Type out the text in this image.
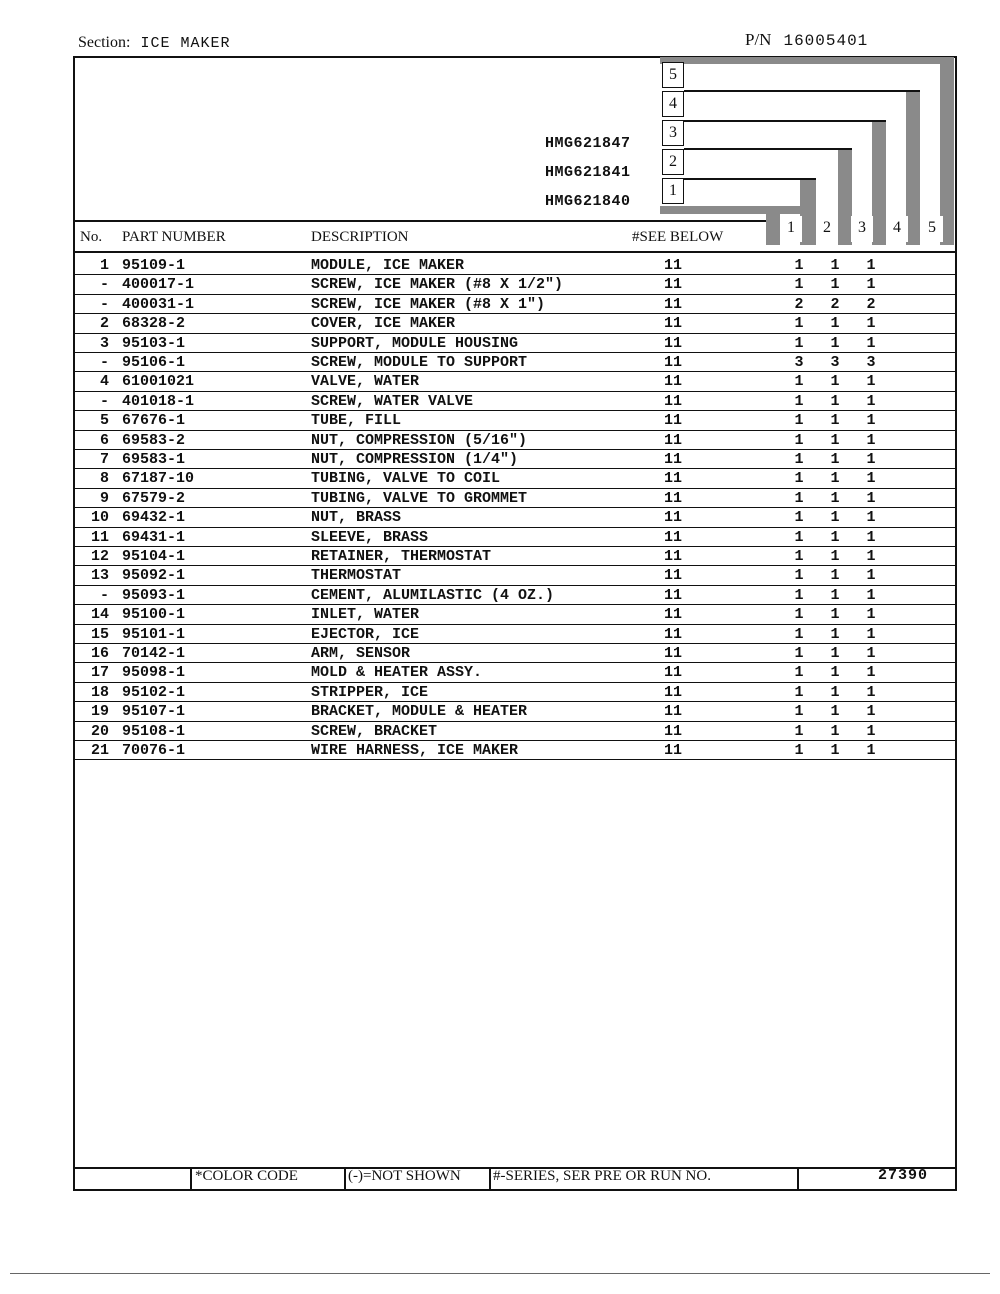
Section: ICE MAKER	P/N 16005401
5
4
3
2
1
HMG621847
HMG621841
HMG621840
1	2	3	4	5
No. PART NUMBER	DESCRIPTION	#SEE BELOW
1 95109-1	MODULE, ICE MAKER	11	1 1 1
- 400017-1	SCREW, ICE MAKER (#8 X 1/2")	11	1 1 1
- 400031-1	SCREW, ICE MAKER (#8 X 1")	11	2 2 2
2 68328-2	COVER, ICE MAKER	11	1 1 1
3 95103-1	SUPPORT, MODULE HOUSING	11	1 1 1
- 95106-1	SCREW, MODULE TO SUPPORT	11	3 3 3
4 61001021	VALVE, WATER	11	1 1 1
- 401018-1	SCREW, WATER VALVE	11	1 1 1
5 67676-1	TUBE, FILL	11	1 1 1
6 69583-2	NUT, COMPRESSION (5/16")	11	1 1 1
7 69583-1	NUT, COMPRESSION (1/4")	11	1 1 1
8 67187-10	TUBING, VALVE TO COIL	11	1 1 1
9 67579-2	TUBING, VALVE TO GROMMET	11	1 1 1
10 69432-1	NUT, BRASS	11	1 1 1
11 69431-1	SLEEVE, BRASS	11	1 1 1
12 95104-1	RETAINER, THERMOSTAT	11	1 1 1
13 95092-1	THERMOSTAT	11	1 1 1
- 95093-1	CEMENT, ALUMILASTIC (4 OZ.)	11	1 1 1
14 95100-1	INLET, WATER	11	1 1 1
15 95101-1	EJECTOR, ICE	11	1 1 1
16 70142-1	ARM, SENSOR	11	1 1 1
17 95098-1	MOLD & HEATER ASSY.	11	1 1 1
18 95102-1	STRIPPER, ICE	11	1 1 1
19 95107-1	BRACKET, MODULE & HEATER	11	1 1 1
20 95108-1	SCREW, BRACKET	11	1 1 1
21 70076-1	WIRE HARNESS, ICE MAKER	11	1 1 1
*COLOR CODE	(-)=NOT SHOWN #-SERIES, SER PRE OR RUN NO.	27390
